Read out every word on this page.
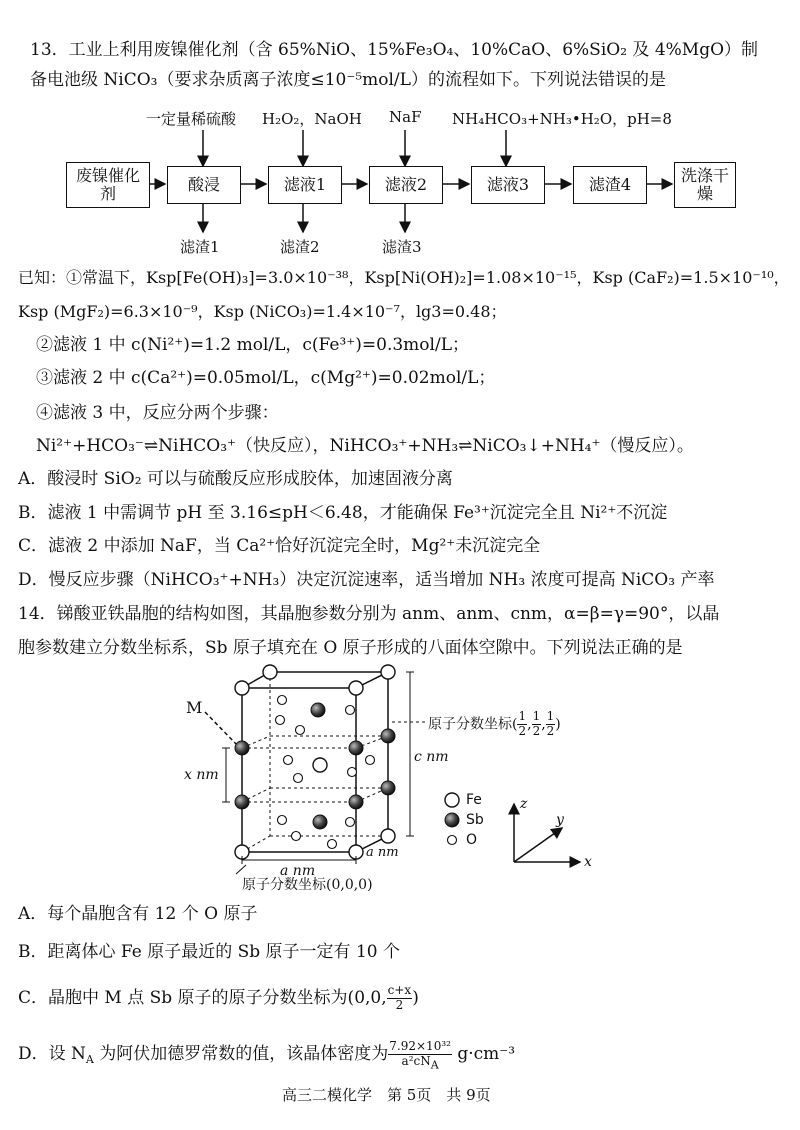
13．工业上利用废镍催化剂（含 65%NiO、15%Fe₃O₄、10%CaO、6%SiO₂ 及 4%MgO）制
备电池级 NiCO₃（要求杂质离子浓度≤10⁻⁵mol/L）的流程如下。下列说法错误的是
一定量稀硫酸 H₂O₂，NaOH NaF NH₄HCO₃+NH₃•H₂O，pH=8
废镍催化剂	酸浸	滤液1	滤液2	滤液3	滤渣4	洗涤干燥
滤渣1	滤渣2	滤渣3
已知：①常温下，Ksp[Fe(OH)₃]=3.0×10⁻³⁸，Ksp[Ni(OH)₂]=1.08×10⁻¹⁵，Ksp (CaF₂)=1.5×10⁻¹⁰，
Ksp (MgF₂)=6.3×10⁻⁹，Ksp (NiCO₃)=1.4×10⁻⁷，lg3=0.48；
②滤液 1 中 c(Ni²⁺)=1.2 mol/L，c(Fe³⁺)=0.3mol/L；
③滤液 2 中 c(Ca²⁺)=0.05mol/L，c(Mg²⁺)=0.02mol/L；
④滤液 3 中，反应分两个步骤：
Ni²⁺+HCO₃⁻⇌NiHCO₃⁺（快反应），NiHCO₃⁺+NH₃⇌NiCO₃↓+NH₄⁺（慢反应）。
A．酸浸时 SiO₂ 可以与硫酸反应形成胶体，加速固液分离
B．滤液 1 中需调节 pH 至 3.16≤pH＜6.48，才能确保 Fe³⁺沉淀完全且 Ni²⁺不沉淀
C．滤液 2 中添加 NaF，当 Ca²⁺恰好沉淀完全时，Mg²⁺未沉淀完全
D．慢反应步骤（NiHCO₃⁺+NH₃）决定沉淀速率，适当增加 NH₃ 浓度可提高 NiCO₃ 产率
14．锑酸亚铁晶胞的结构如图，其晶胞参数分别为 anm、anm、cnm，α=β=γ=90°，以晶
胞参数建立分数坐标系，Sb 原子填充在 O 原子形成的八面体空隙中。下列说法正确的是
M
原子分数坐标( $\frac{1}{2}$ , $\frac{1}{2}$ , $\frac{1}{2}$ )
x nm
c nm
a nm
a nm
原子分数坐标(0,0,0)
Fe
Sb
O
z
y
x
A．每个晶胞含有 12 个 O 原子
B．距离体心 Fe 原子最近的 Sb 原子一定有 10 个
C．晶胞中 M 点 Sb 原子的原子分数坐标为(0,0, $\frac{c+x}{2}$ )
D．设 $N_A$ 为阿伏加德罗常数的值，该晶体密度为 $\frac{\text{7.92×10³²}}{a^2cN_A} g\cdot cm^{-3}$
高三二模化学　第 5页　共 9页
